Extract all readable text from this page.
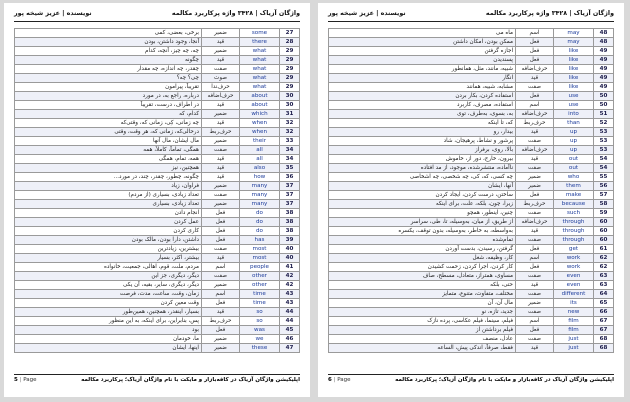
واژگان آزیاک | ۳۴۲۸ واژه پرکاربرد مکالمه
نویسنده | عزیز شیخه پور
27	some	ضمیر	برخی، بعضی، کمی
28	there	قید	آنجا، وجود داشتن، بودن
29	what	ضمیر	چه، چه چیز، آنچه، کدام
29	what	قید	چگونه
29	what	صفت	چقدر، چه اندازه، چه مقدار
29	what	صوت	چی؟ چه؟
29	what	حرف‌ندا	تقریباً، پیرامون
30	about	حرف‌اضافه	درباره، راجع به، در مورد
30	about	قید	در اطراف، درست، تقریباً
31	which	ضمیر	کدام، که
32	when	قید	چه زمانی، کِی، زمانی که، وقتی‌که
32	when	حرف‌ربط	درحالی‌که، زمانی که، هر وقت، وقتی
33	their	ضمیر	مال ایشان، مال آنها
34	all	صفت	همگی، تماماً، کاملاً، همه
34	all	قید	همه، تمام، همگی
35	also	قید	همچنین، نیز
36	how	قید	چگونه، چطور، چقدر، چند، در مورد...
37	many	ضمیر	فراوان، زیاد
37	many	صفت	تعداد زیادی، بسیاری (از مردم)
37	many	ضمیر	تعداد زیادی، بسیاری
38	do	فعل	انجام دادن
38	do	فعل	عمل کردن
38	do	فعل	کاری کردن
39	has	فعل	داشتن، دارا بودن، مالک بودن
40	most	صفت	بیشترین، زیادترین
40	most	قید	بیشتر، اکثر، بسیار
41	people	اسم	مردم، ملت، قوم، اهالی، جمعیت، خانواده
42	other	صفت	دیگر، دیگری، جز این
42	other	ضمیر	دیگر، دیگری، سایر، بقیه، آن یکی
43	time	اسم	زمان، وقت، ساعت، مدت، فرصت
43	time	فعل	وقت معین کردن
44	so	قید	بسیار، اینقدر، همچنین، همین‌طور
44	so	حرف‌ربط	پس، بنابراین، برای اینکه، به این منظور
45	was	فعل	بود
46	we	ضمیر	ما، خودمان
47	these	ضمیر	اینها، ایشان
5 | Page	اپلیکیشن واژگان آزیاک در کافه‌بازار و مایکت با نام واژگان آزیاک؛ پرکاربرد مکالمه
واژگان آزیاک | ۳۴۲۸ واژه پرکاربرد مکالمه
نویسنده | عزیز شیخه پور
48	may	اسم	ماه می
48	may	فعل	ممکن بودن، امکان داشتن
49	like	فعل	اجازه گرفتن
49	like	فعل	پسندیدن
49	like	حرف‌اضافه	شبیه، مانند، مثل، همانطور
49	like	قید	انگار
49	like	صفت	مشابه، شبیه، همانند
50	use	فعل	استفاده کردن، بکار بردن
50	use	اسم	استفاده، مصرف، کاربرد
51	into	حرف‌اضافه	به، بسوی، به‌طرف، توی
52	than	حرف‌ربط	که، تا اینکه
53	up	قید	بیدار، رو
53	up	صفت	پرشور و نشاط، پرهیجان، شاد
53	up	حرف‌اضافه	بالا، روی، برفراز
54	out	قید	بیرون، خارج، دور از، خاموش
54	out	صفت	ناآماده، منتشرشده، موجود، از مد افتاده
55	who	ضمیر	چه کسی، که، کی، چه شخصی، چه اشخاصی
56	them	ضمیر	آنها، ایشان
57	make	فعل	ساختن، درست کردن، ایجاد کردن
58	because	حرف‌ربط	زیرا، چون، بلکه، علت، برای اینکه
59	such	صفت	چنین، اینطور، همچو
60	through	حرف‌اضافه	از طریق، از میان، به‌وسیله، تا، طی، سراسر
60	through	قید	به‌واسطه، به خاطر، به‌وسیله، بدون توقف، یکسره
60	through	صفت	تمام‌شده
61	get	فعل	گرفتن، رسیدن، بدست آوردن
62	work	اسم	کار، وظیفه، شغل
62	work	فعل	کار کردن، اجرا کردن، زحمت کشیدن
63	even	صفت	مساوی، همتراز، متعادل، مسطح، صاف
63	even	قید	حتی، بلکه
64	different	صفت	مختلف، متفاوت، متنوع، متمایز
65	its	ضمیر	مال آن، آن
66	new	صفت	جدید، تازه، نو
67	film	اسم	فیلم، سینما، فیلم عکاسی، پرده نازک
67	film	فعل	فیلم برداشتن از
68	just	صفت	عادل، منصف
68	just	قید	فقط، صرفاً، اندکی پیش، الساعه
6 | Page	اپلیکیشن واژگان آزیاک در کافه‌بازار و مایکت با نام واژگان آزیاک؛ پرکاربرد مکالمه
